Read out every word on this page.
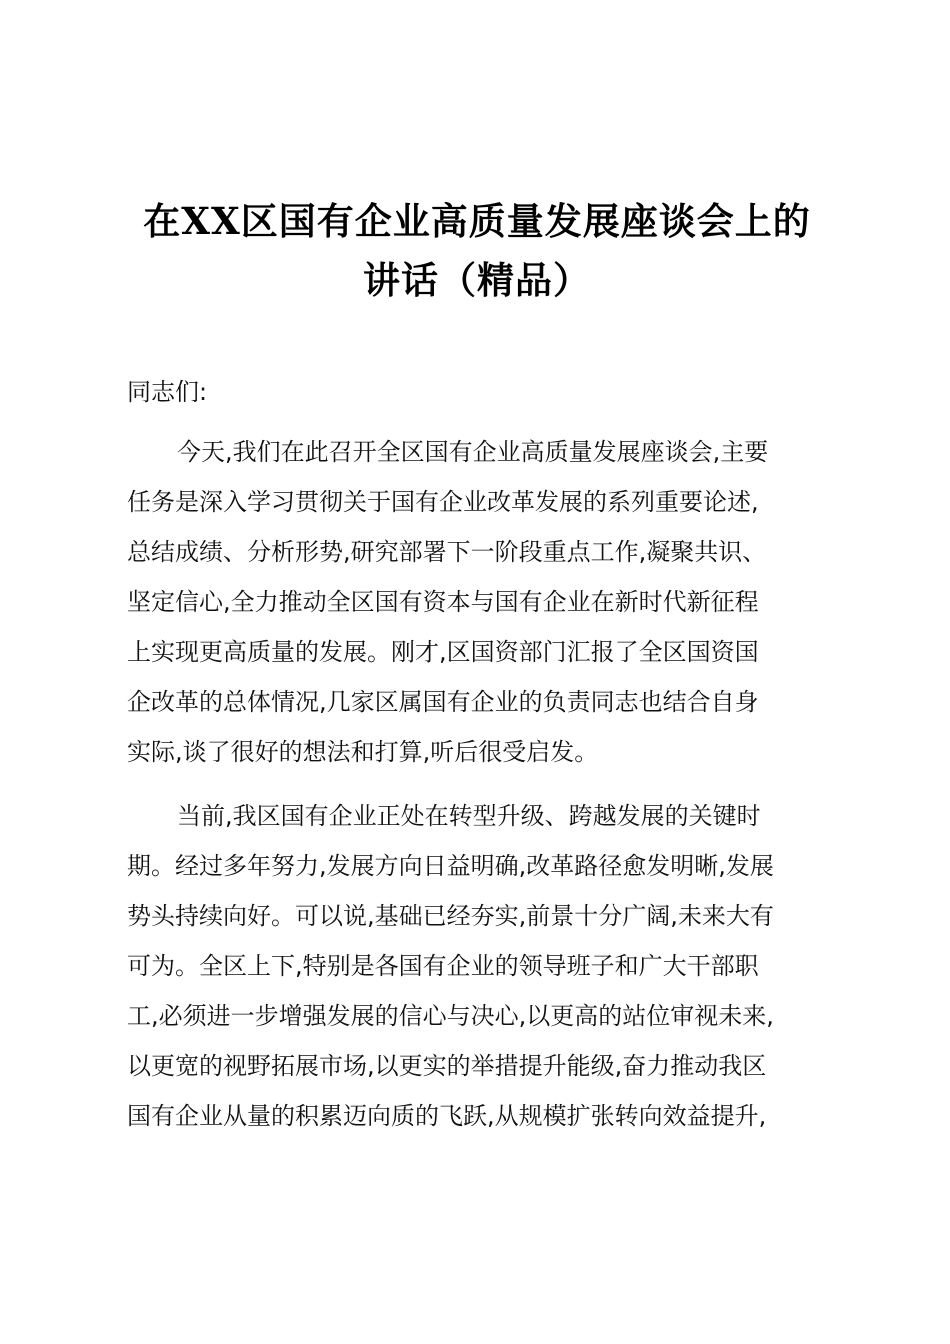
在XX区国有企业高质量发展座谈会上的
讲话（精品）

同志们:

今天,我们在此召开全区国有企业高质量发展座谈会,主要
任务是深入学习贯彻关于国有企业改革发展的系列重要论述,
总结成绩、分析形势,研究部署下一阶段重点工作,凝聚共识、
坚定信心,全力推动全区国有资本与国有企业在新时代新征程
上实现更高质量的发展。刚才,区国资部门汇报了全区国资国
企改革的总体情况,几家区属国有企业的负责同志也结合自身
实际,谈了很好的想法和打算,听后很受启发。
当前,我区国有企业正处在转型升级、跨越发展的关键时
期。经过多年努力,发展方向日益明确,改革路径愈发明晰,发展
势头持续向好。可以说,基础已经夯实,前景十分广阔,未来大有
可为。全区上下,特别是各国有企业的领导班子和广大干部职
工,必须进一步增强发展的信心与决心,以更高的站位审视未来,
以更宽的视野拓展市场,以更实的举措提升能级,奋力推动我区
国有企业从量的积累迈向质的飞跃,从规模扩张转向效益提升,
